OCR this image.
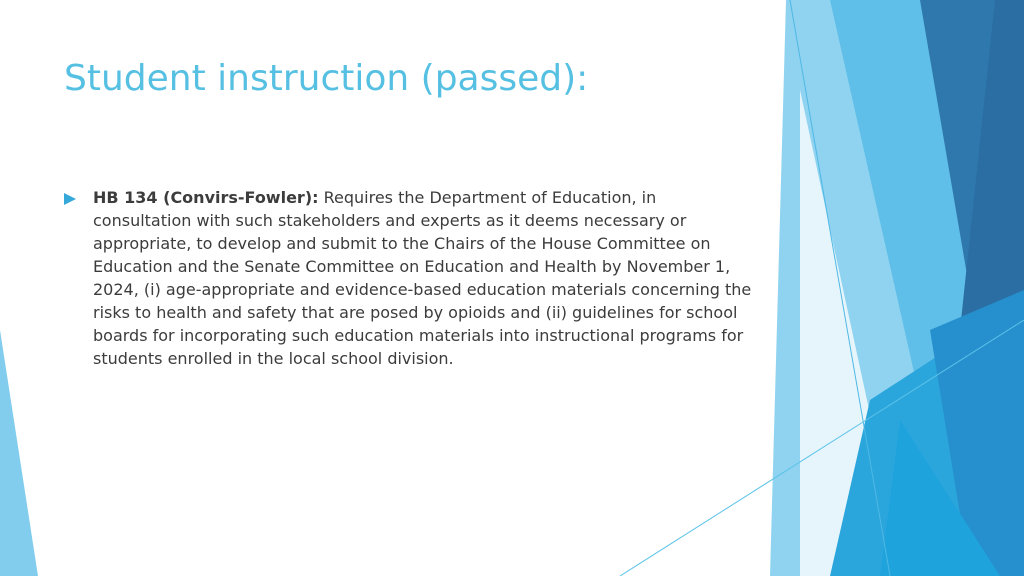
Student instruction (passed):
HB 134 (Convirs-Fowler): Requires the Department of Education, in consultation with such stakeholders and experts as it deems necessary or appropriate, to develop and submit to the Chairs of the House Committee on Education and the Senate Committee on Education and Health by November 1, 2024, (i) age-appropriate and evidence-based education materials concerning the risks to health and safety that are posed by opioids and (ii) guidelines for school boards for incorporating such education materials into instructional programs for students enrolled in the local school division.
